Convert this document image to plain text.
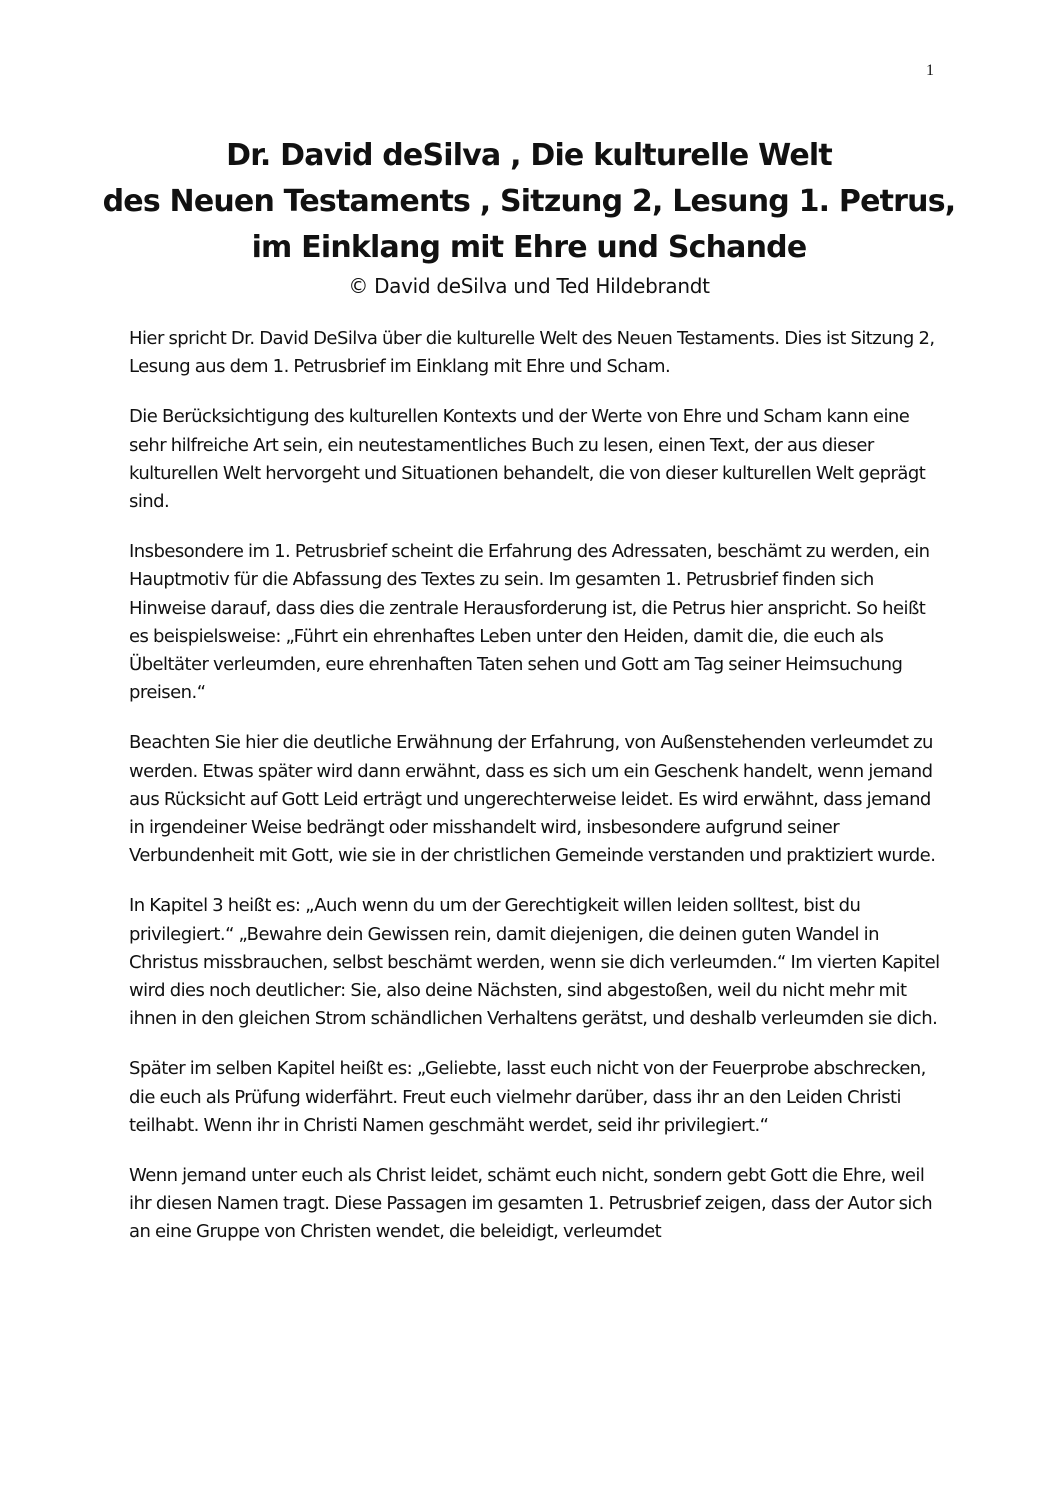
1
Dr. David deSilva , Die kulturelle Welt
des Neuen Testaments , Sitzung 2, Lesung 1. Petrus,
im Einklang mit Ehre und Schande
© David deSilva und Ted Hildebrandt

Hier spricht Dr. David DeSilva über die kulturelle Welt des Neuen Testaments. Dies ist Sitzung 2, Lesung aus dem 1. Petrusbrief im Einklang mit Ehre und Scham.

Die Berücksichtigung des kulturellen Kontexts und der Werte von Ehre und Scham kann eine sehr hilfreiche Art sein, ein neutestamentliches Buch zu lesen, einen Text, der aus dieser kulturellen Welt hervorgeht und Situationen behandelt, die von dieser kulturellen Welt geprägt sind.

Insbesondere im 1. Petrusbrief scheint die Erfahrung des Adressaten, beschämt zu werden, ein Hauptmotiv für die Abfassung des Textes zu sein. Im gesamten 1. Petrusbrief finden sich Hinweise darauf, dass dies die zentrale Herausforderung ist, die Petrus hier anspricht. So heißt es beispielsweise: „Führt ein ehrenhaftes Leben unter den Heiden, damit die, die euch als Übeltäter verleumden, eure ehrenhaften Taten sehen und Gott am Tag seiner Heimsuchung preisen.“

Beachten Sie hier die deutliche Erwähnung der Erfahrung, von Außenstehenden verleumdet zu werden. Etwas später wird dann erwähnt, dass es sich um ein Geschenk handelt, wenn jemand aus Rücksicht auf Gott Leid erträgt und ungerechterweise leidet. Es wird erwähnt, dass jemand in irgendeiner Weise bedrängt oder misshandelt wird, insbesondere aufgrund seiner Verbundenheit mit Gott, wie sie in der christlichen Gemeinde verstanden und praktiziert wurde.

In Kapitel 3 heißt es: „Auch wenn du um der Gerechtigkeit willen leiden solltest, bist du privilegiert.“ „Bewahre dein Gewissen rein, damit diejenigen, die deinen guten Wandel in Christus missbrauchen, selbst beschämt werden, wenn sie dich verleumden.“ Im vierten Kapitel wird dies noch deutlicher: Sie, also deine Nächsten, sind abgestoßen, weil du nicht mehr mit ihnen in den gleichen Strom schändlichen Verhaltens gerätst, und deshalb verleumden sie dich.

Später im selben Kapitel heißt es: „Geliebte, lasst euch nicht von der Feuerprobe abschrecken, die euch als Prüfung widerfährt. Freut euch vielmehr darüber, dass ihr an den Leiden Christi teilhabt. Wenn ihr in Christi Namen geschmäht werdet, seid ihr privilegiert.“

Wenn jemand unter euch als Christ leidet, schämt euch nicht, sondern gebt Gott die Ehre, weil ihr diesen Namen tragt. Diese Passagen im gesamten 1. Petrusbrief zeigen, dass der Autor sich an eine Gruppe von Christen wendet, die beleidigt, verleumdet
